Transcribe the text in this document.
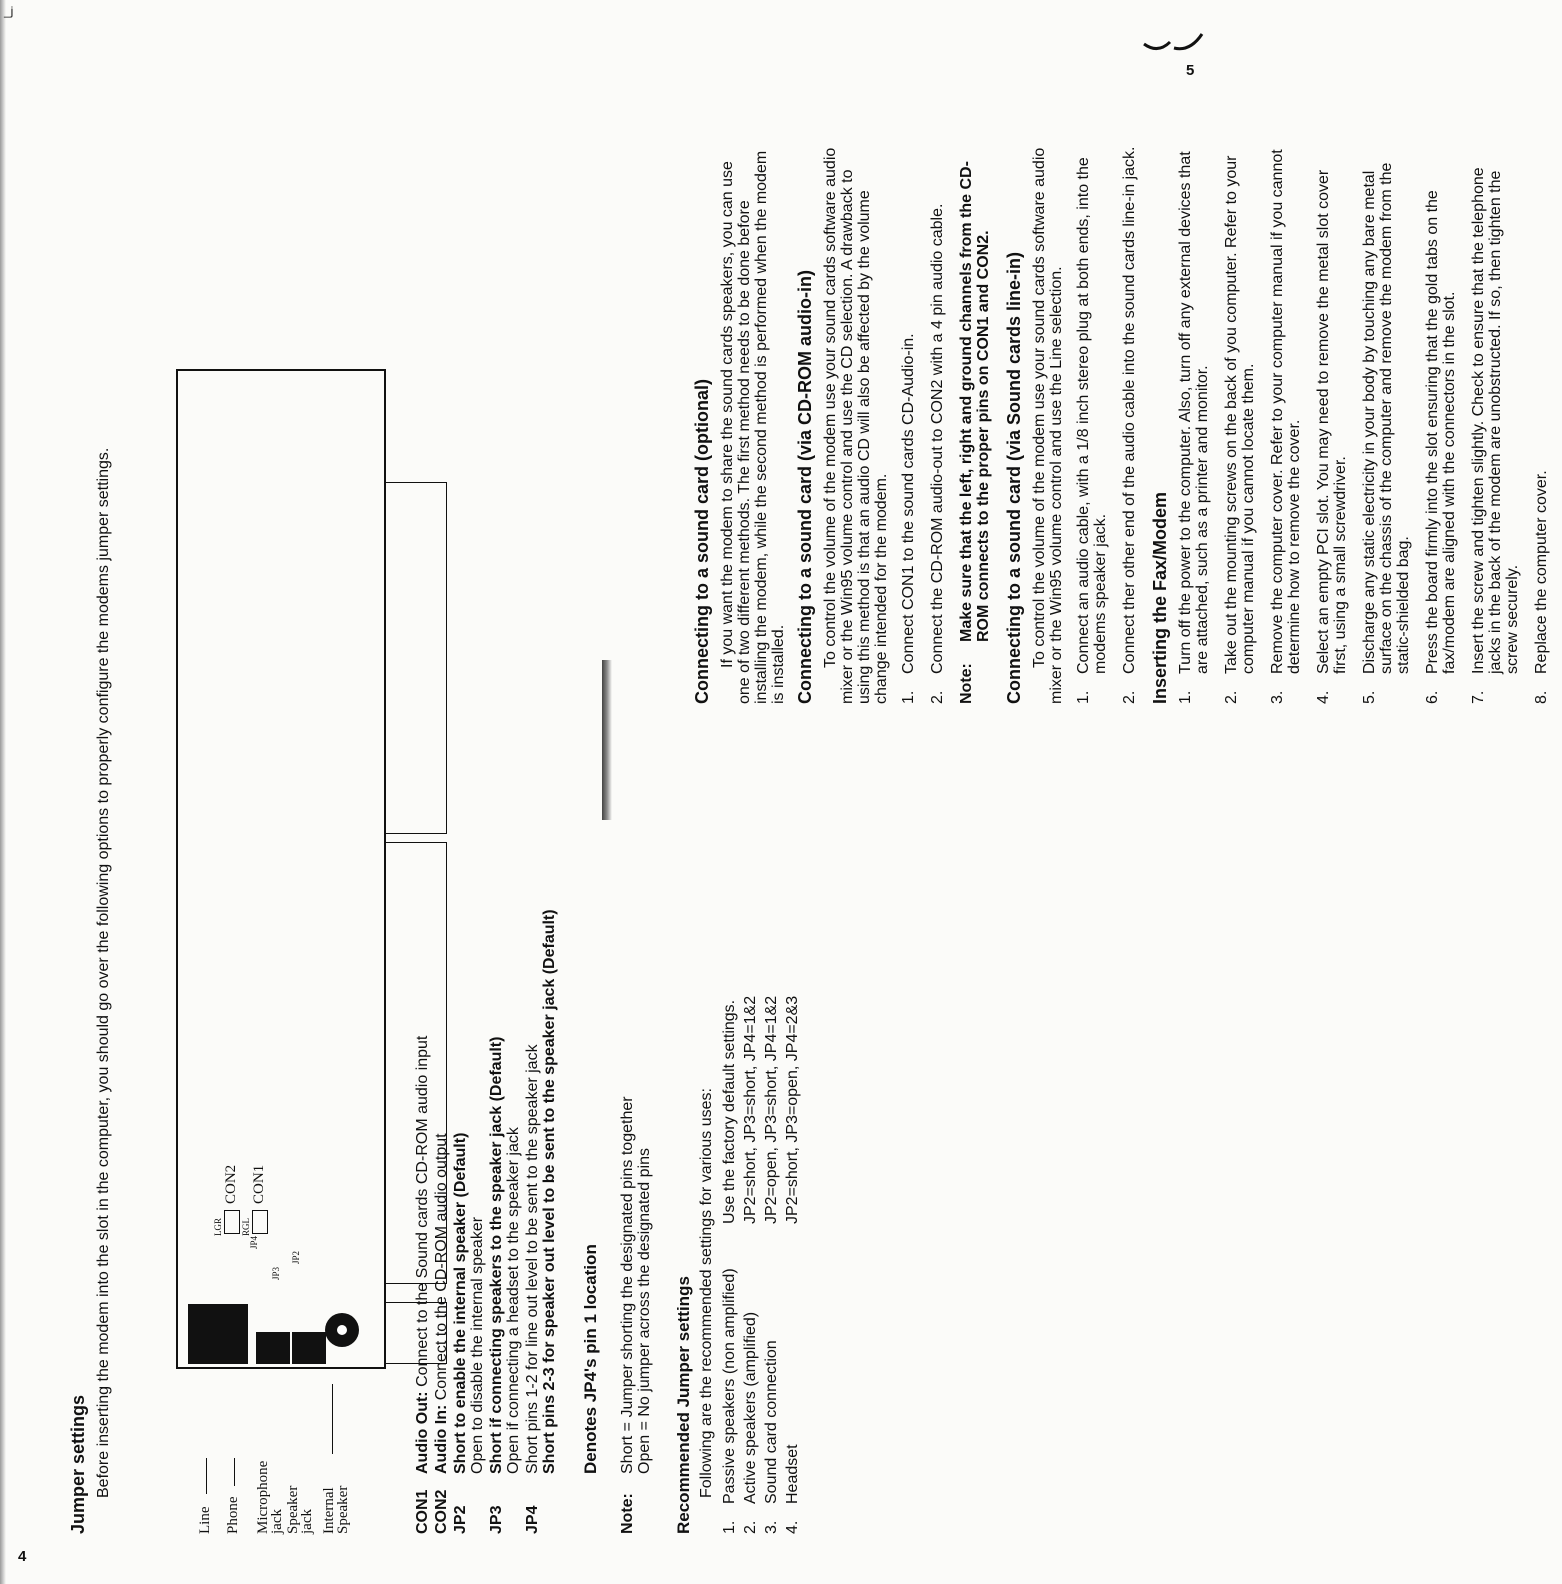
_j
4
5
Jumper settings Before inserting the modem into the slot in the computer, you should go over the following options to properly configure the modems jumper settings.

Line Phone Microphone jack Speaker jack Internal Speaker
JP3
JP2
JP4
CON2 CON1
LGR	RGL
CON1
Audio Out: Connect to the Sound cards CD-ROM audio input
CON2
Audio In: Connect to the CD-ROM audio output
JP2
Short to enable the internal speaker (Default)
Open to disable the internal speaker
JP3
Short if connecting speakers to the speaker jack (Default)
Open if connecting a headset to the speaker jack
JP4
Short pins 1-2 for line out level to be sent to the speaker jack
Short pins 2-3 for speaker out level to be sent to the speaker jack (Default) Denotes JP4's pin 1 location
Note:
Short = Jumper shorting the designated pins together
Open = No jumper across the designated pins Recommended Jumper settings Following are the recommended settings for various uses:

1.
Passive speakers (non amplified)
Use the factory default settings.
2.
Active speakers (amplified)
JP2=short, JP3=short, JP4=1&2
3.
Sound card connection
JP2=open, JP3=short, JP4=1&2
4.
Headset
JP2=short, JP3=open, JP4=2&3
Connecting to a sound card (optional) If you want the modem to share the sound cards speakers, you can use one of two different methods. The first method needs to be done before installing the modem, while the second method is performed when the modem is installed. Connecting to a sound card (via CD-ROM audio-in) To control the volume of the modem use your sound cards software audio mixer or the Win95 volume control and use the CD selection. A drawback to using this method is that an audio CD will also be affected by the volume change intended for the modem. 1.
Connect CON1 to the sound cards CD-Audio-in.
2.
Connect the CD-ROM audio-out to CON2 with a 4 pin audio cable.
Note:
Make sure that the left, right and ground channels from the CD-ROM connects to the proper pins on CON1 and CON2. Connecting to a sound card (via Sound cards line-in) To control the volume of the modem use your sound cards software audio mixer or the Win95 volume control and use the Line selection. 1.
Connect an audio cable, with a 1/8 inch stereo plug at both ends, into the modems speaker jack.
2.
Connect ther other end of the audio cable into the sound cards line-in jack. Inserting the Fax/Modem 1.
Turn off the power to the computer. Also, turn off any external devices that are attached, such as a printer and monitor.
2.
Take out the mounting screws on the back of you computer. Refer to your computer manual if you cannot locate them.
3.
Remove the computer cover. Refer to your computer manual if you cannot determine how to remove the cover.
4.
Select an empty PCI slot. You may need to remove the metal slot cover first, using a small screwdriver.
5.
Discharge any static electricity in your body by touching any bare metal surface on the chassis of the computer and remove the modem from the static-shielded bag.
6.
Press the board firmly into the slot ensuring that the gold tabs on the fax/modem are aligned with the connectors in the slot.
7.
Insert the screw and tighten slightly. Check to ensure that the telephone jacks in the back of the modem are unobstructed. If so, then tighten the screw securely.
8.
Replace the computer cover.
